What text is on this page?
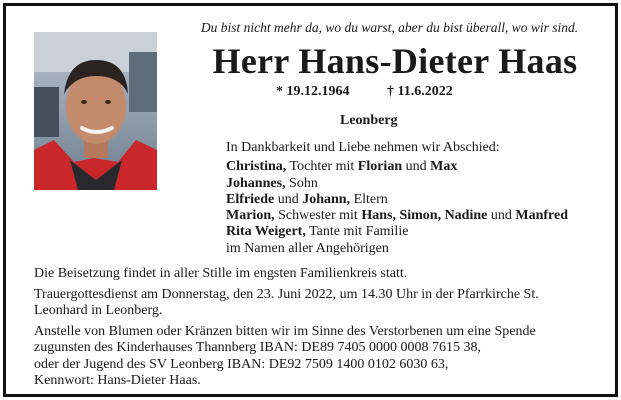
Du bist nicht mehr da, wo du warst, aber du bist überall, wo wir sind.
Herr Hans-Dieter Haas
* 19.12.1964	† 11.6.2022
Leonberg
In Dankbarkeit und Liebe nehmen wir Abschied:
Christina, Tochter mit Florian und Max
Johannes, Sohn
Elfriede und Johann, Eltern
Marion, Schwester mit Hans, Simon, Nadine und Manfred
Rita Weigert, Tante mit Familie
im Namen aller Angehörigen

Die Beisetzung findet in aller Stille im engsten Familienkreis statt.

Trauergottesdienst am Donnerstag, den 23. Juni 2022, um 14.30 Uhr in der Pfarrkirche St. Leonhard in Leonberg.

Anstelle von Blumen oder Kränzen bitten wir im Sinne des Verstorbenen um eine Spende
zugunsten des Kinderhauses Thannberg IBAN: DE89 7405 0000 0008 7615 38,
oder der Jugend des SV Leonberg IBAN: DE92 7509 1400 0102 6030 63,
Kennwort: Hans-Dieter Haas.
